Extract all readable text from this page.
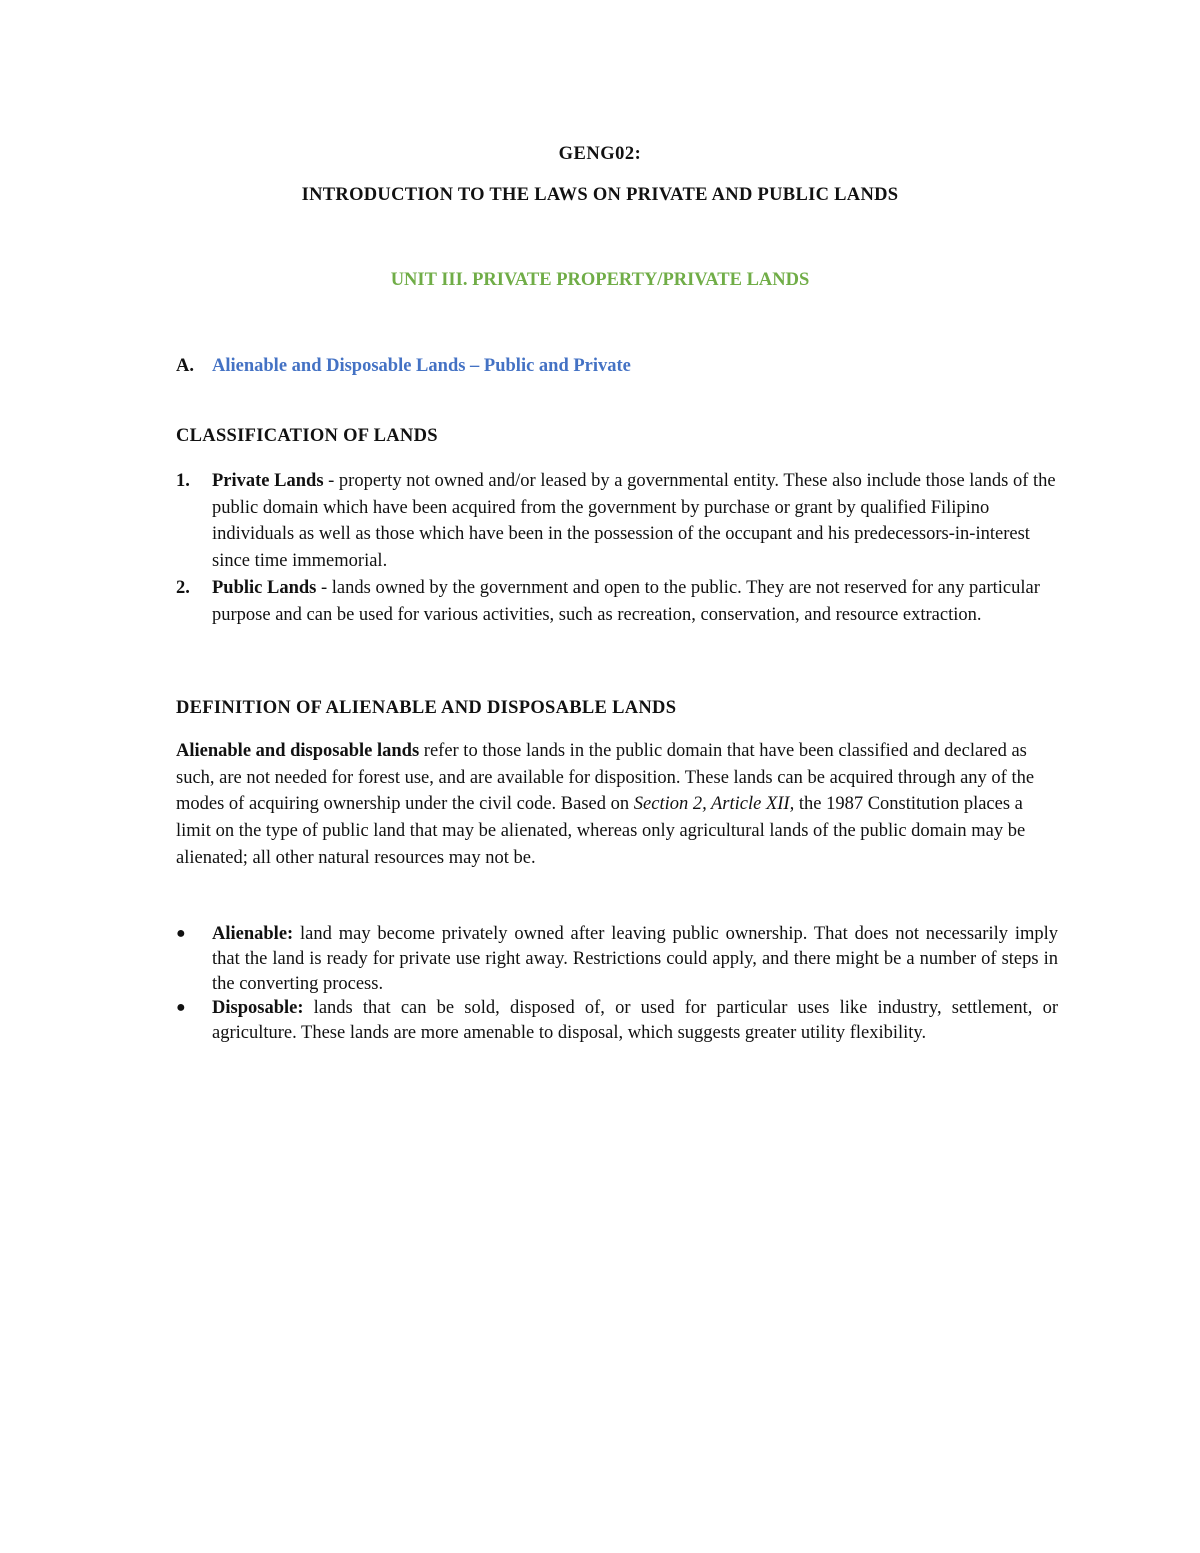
GENG02:
INTRODUCTION TO THE LAWS ON PRIVATE AND PUBLIC LANDS
UNIT III. PRIVATE PROPERTY/PRIVATE LANDS
A. Alienable and Disposable Lands – Public and Private
CLASSIFICATION OF LANDS
1. Private Lands - property not owned and/or leased by a governmental entity. These also include those lands of the public domain which have been acquired from the government by purchase or grant by qualified Filipino individuals as well as those which have been in the possession of the occupant and his predecessors-in-interest since time immemorial.
2. Public Lands - lands owned by the government and open to the public. They are not reserved for any particular purpose and can be used for various activities, such as recreation, conservation, and resource extraction.
DEFINITION OF ALIENABLE AND DISPOSABLE LANDS
Alienable and disposable lands refer to those lands in the public domain that have been classified and declared as such, are not needed for forest use, and are available for disposition. These lands can be acquired through any of the modes of acquiring ownership under the civil code. Based on Section 2, Article XII, the 1987 Constitution places a limit on the type of public land that may be alienated, whereas only agricultural lands of the public domain may be alienated; all other natural resources may not be.
● Alienable: land may become privately owned after leaving public ownership. That does not necessarily imply that the land is ready for private use right away. Restrictions could apply, and there might be a number of steps in the converting process.
● Disposable: lands that can be sold, disposed of, or used for particular uses like industry, settlement, or agriculture. These lands are more amenable to disposal, which suggests greater utility flexibility.
